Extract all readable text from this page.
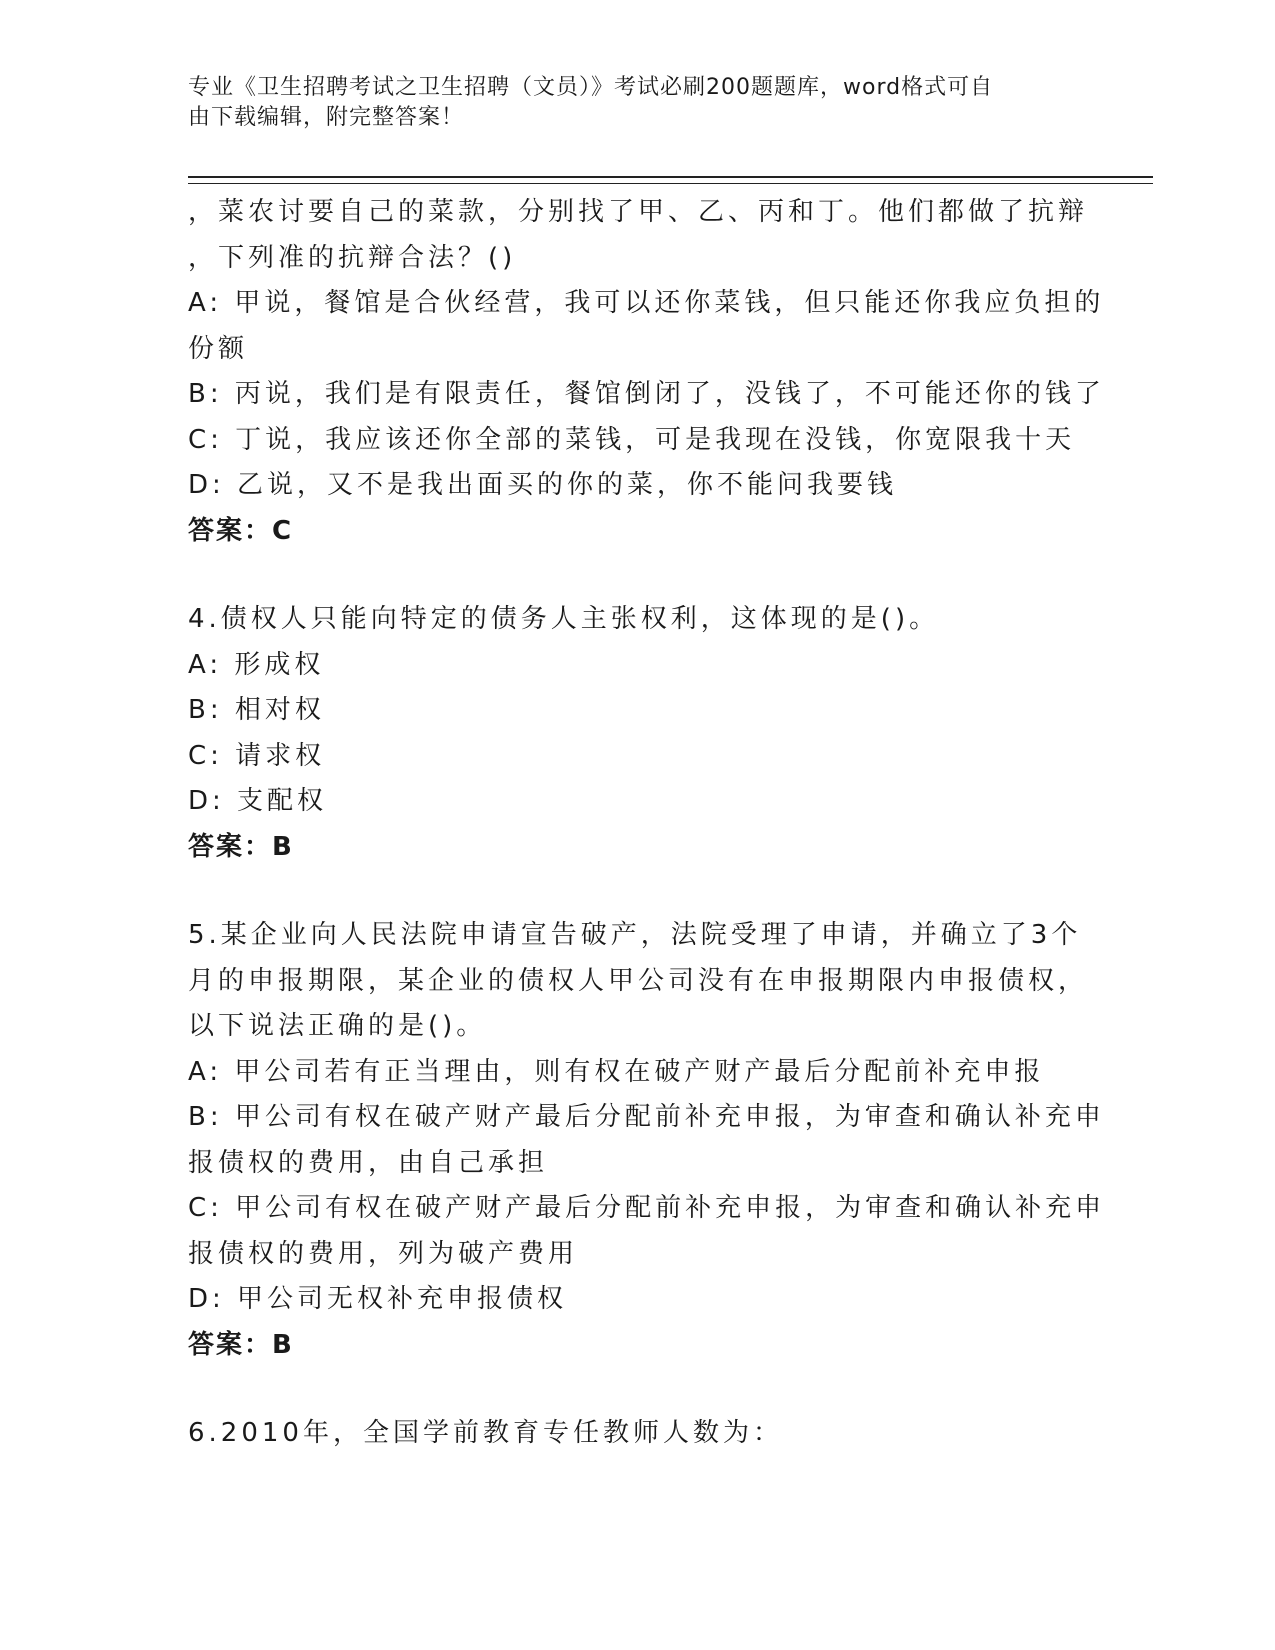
专业《卫生招聘考试之卫生招聘（文员）》考试必刷200题题库，word格式可自
由下载编辑，附完整答案！
，菜农讨要自己的菜款，分别找了甲、乙、丙和丁。他们都做了抗辩
，下列准的抗辩合法？()
A: 甲说，餐馆是合伙经营，我可以还你菜钱，但只能还你我应负担的
份额
B: 丙说，我们是有限责任，餐馆倒闭了，没钱了，不可能还你的钱了
C: 丁说，我应该还你全部的菜钱，可是我现在没钱，你宽限我十天
D: 乙说，又不是我出面买的你的菜，你不能问我要钱
答案：C
4.债权人只能向特定的债务人主张权利，这体现的是()。
A: 形成权
B: 相对权
C: 请求权
D: 支配权
答案：B
5.某企业向人民法院申请宣告破产，法院受理了申请，并确立了3个
月的申报期限，某企业的债权人甲公司没有在申报期限内申报债权，
以下说法正确的是()。
A: 甲公司若有正当理由，则有权在破产财产最后分配前补充申报
B: 甲公司有权在破产财产最后分配前补充申报，为审查和确认补充申
报债权的费用，由自己承担
C: 甲公司有权在破产财产最后分配前补充申报，为审查和确认补充申
报债权的费用，列为破产费用
D: 甲公司无权补充申报债权
答案：B
6.2010年，全国学前教育专任教师人数为：
